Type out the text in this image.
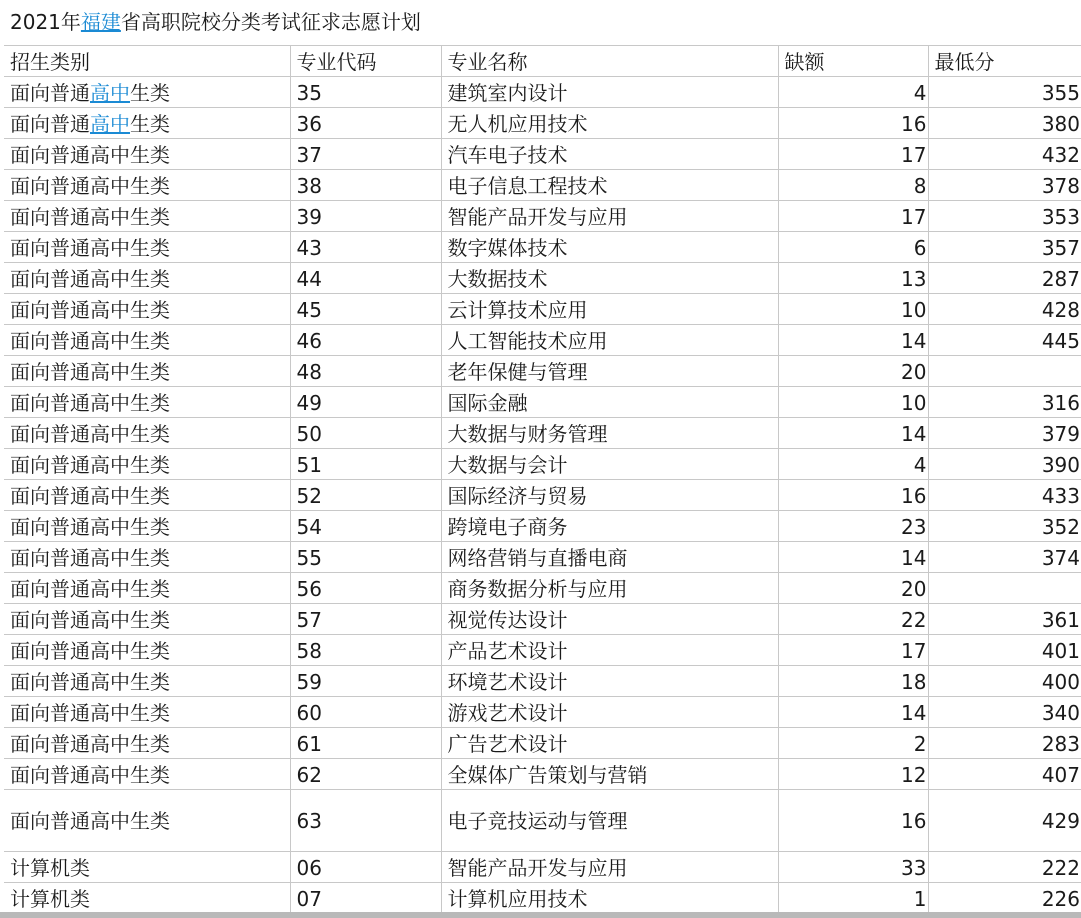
2021年福建省高职院校分类考试征求志愿计划
招生类别	专业代码	专业名称	缺额	最低分
面向普通高中生类	35	建筑室内设计	4	355
面向普通高中生类	36	无人机应用技术	16	380
面向普通高中生类	37	汽车电子技术	17	432
面向普通高中生类	38	电子信息工程技术	8	378
面向普通高中生类	39	智能产品开发与应用	17	353
面向普通高中生类	43	数字媒体技术	6	357
面向普通高中生类	44	大数据技术	13	287
面向普通高中生类	45	云计算技术应用	10	428
面向普通高中生类	46	人工智能技术应用	14	445
面向普通高中生类	48	老年保健与管理	20	
面向普通高中生类	49	国际金融	10	316
面向普通高中生类	50	大数据与财务管理	14	379
面向普通高中生类	51	大数据与会计	4	390
面向普通高中生类	52	国际经济与贸易	16	433
面向普通高中生类	54	跨境电子商务	23	352
面向普通高中生类	55	网络营销与直播电商	14	374
面向普通高中生类	56	商务数据分析与应用	20	
面向普通高中生类	57	视觉传达设计	22	361
面向普通高中生类	58	产品艺术设计	17	401
面向普通高中生类	59	环境艺术设计	18	400
面向普通高中生类	60	游戏艺术设计	14	340
面向普通高中生类	61	广告艺术设计	2	283
面向普通高中生类	62	全媒体广告策划与营销	12	407
面向普通高中生类	63	电子竞技运动与管理	16	429
计算机类	06	智能产品开发与应用	33	222
计算机类	07	计算机应用技术	1	226
